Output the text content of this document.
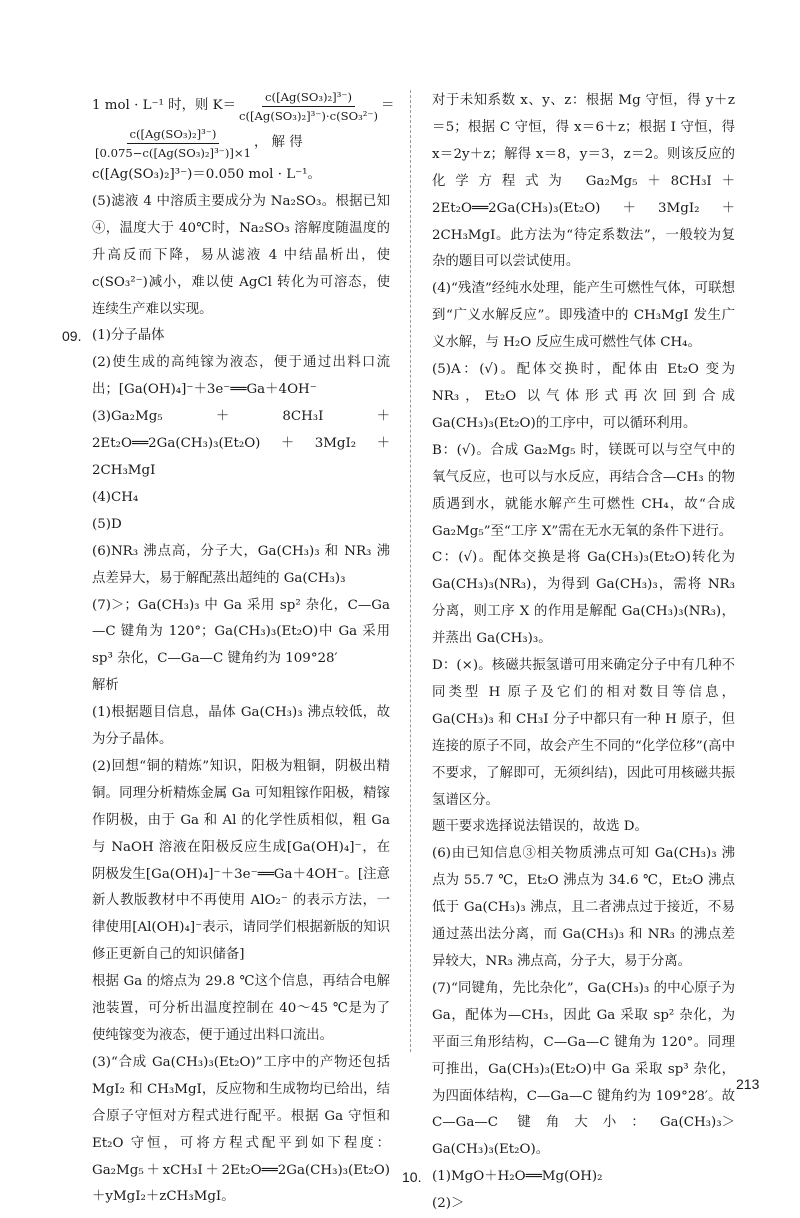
1 mol · L⁻¹ 时，则 $K= \frac{\text{c([Ag(SO₃)₂]³⁻)}}{\text{c([Ag(SO₃)₂]³⁻)·c(SO₃²⁻)}}$ ＝
$\frac{\text{c([Ag(SO₃)₂]³⁻)}}{\text{[0.075−c([Ag(SO₃)₂]³⁻)]×1}}$ ， 解 得

c([Ag(SO₃)₂]³⁻)＝0.050 mol · L⁻¹。

(5)滤液 4 中溶质主要成分为 Na₂SO₃。根据已知④，温度大于 40℃时，Na₂SO₃ 溶解度随温度的升高反而下降，易从滤液 4 中结晶析出，使 c(SO₃²⁻)减小，难以使 AgCl 转化为可溶态，使连续生产难以实现。

09. (1)分子晶体

(2)使生成的高纯镓为液态，便于通过出料口流出；[Ga(OH)₄]⁻＋3e⁻══Ga＋4OH⁻

(3)Ga₂Mg₅＋8CH₃I＋2Et₂O══2Ga(CH₃)₃(Et₂O)＋3MgI₂＋2CH₃MgI

(4)CH₄

(5)D

(6)NR₃ 沸点高，分子大，Ga(CH₃)₃ 和 NR₃ 沸点差异大，易于解配蒸出超纯的 Ga(CH₃)₃

(7)＞；Ga(CH₃)₃ 中 Ga 采用 sp² 杂化，C—Ga—C 键角为 120°；Ga(CH₃)₃(Et₂O)中 Ga 采用 sp³ 杂化，C—Ga—C 键角约为 109°28′

解析

(1)根据题目信息，晶体 Ga(CH₃)₃ 沸点较低，故为分子晶体。

(2)回想“铜的精炼”知识，阳极为粗铜，阴极出精铜。同理分析精炼金属 Ga 可知粗镓作阳极，精镓作阴极，由于 Ga 和 Al 的化学性质相似，粗 Ga 与 NaOH 溶液在阳极反应生成[Ga(OH)₄]⁻，在阴极发生[Ga(OH)₄]⁻＋3e⁻══Ga＋4OH⁻。[注意新人教版教材中不再使用 AlO₂⁻ 的表示方法，一律使用[Al(OH)₄]⁻表示，请同学们根据新版的知识修正更新自己的知识储备]

根据 Ga 的熔点为 29.8 ℃这个信息，再结合电解池装置，可分析出温度控制在 40～45 ℃是为了使纯镓变为液态，便于通过出料口流出。

(3)“合成 Ga(CH₃)₃(Et₂O)”工序中的产物还包括 MgI₂ 和 CH₃MgI，反应物和生成物均已给出，结合原子守恒对方程式进行配平。根据 Ga 守恒和 Et₂O 守恒，可将方程式配平到如下程度：Ga₂Mg₅＋xCH₃I＋2Et₂O══2Ga(CH₃)₃(Et₂O)＋yMgI₂＋zCH₃MgI。

对于未知系数 x、y、z：根据 Mg 守恒，得 y＋z＝5；根据 C 守恒，得 x＝6＋z；根据 I 守恒，得 x＝2y＋z；解得 x＝8，y＝3，z＝2。则该反应的化学方程式为 Ga₂Mg₅＋8CH₃I＋2Et₂O══2Ga(CH₃)₃(Et₂O)＋3MgI₂＋2CH₃MgI。此方法为“待定系数法”，一般较为复杂的题目可以尝试使用。

(4)“残渣”经纯水处理，能产生可燃性气体，可联想到“广义水解反应”。即残渣中的 CH₃MgI 发生广义水解，与 H₂O 反应生成可燃性气体 CH₄。

(5)A：(√)。配体交换时，配体由 Et₂O 变为 NR₃，Et₂O 以气体形式再次回到合成 Ga(CH₃)₃(Et₂O)的工序中，可以循环利用。

B：(√)。合成 Ga₂Mg₅ 时，镁既可以与空气中的氧气反应，也可以与水反应，再结合含—CH₃ 的物质遇到水，就能水解产生可燃性 CH₄，故“合成 Ga₂Mg₅”至“工序 X”需在无水无氧的条件下进行。

C：(√)。配体交换是将 Ga(CH₃)₃(Et₂O)转化为 Ga(CH₃)₃(NR₃)，为得到 Ga(CH₃)₃，需将 NR₃ 分离，则工序 X 的作用是解配 Ga(CH₃)₃(NR₃)，并蒸出 Ga(CH₃)₃。

D：(×)。核磁共振氢谱可用来确定分子中有几种不同类型 H 原子及它们的相对数目等信息，Ga(CH₃)₃ 和 CH₃I 分子中都只有一种 H 原子，但连接的原子不同，故会产生不同的“化学位移”(高中不要求，了解即可，无须纠结)，因此可用核磁共振氢谱区分。

题干要求选择说法错误的，故选 D。

(6)由已知信息③相关物质沸点可知 Ga(CH₃)₃ 沸点为 55.7 ℃，Et₂O 沸点为 34.6 ℃，Et₂O 沸点低于 Ga(CH₃)₃ 沸点，且二者沸点过于接近，不易通过蒸出法分离，而 Ga(CH₃)₃ 和 NR₃ 的沸点差异较大，NR₃ 沸点高，分子大，易于分离。

(7)“同键角，先比杂化”，Ga(CH₃)₃ 的中心原子为 Ga，配体为—CH₃，因此 Ga 采取 sp² 杂化，为平面三角形结构，C—Ga—C 键角为 120°。同理可推出，Ga(CH₃)₃(Et₂O)中 Ga 采取 sp³ 杂化，为四面体结构，C—Ga—C 键角约为 109°28′。故 C—Ga—C 键角大小：Ga(CH₃)₃＞Ga(CH₃)₃(Et₂O)。

10. (1)MgO＋H₂O══Mg(OH)₂

(2)＞

213
